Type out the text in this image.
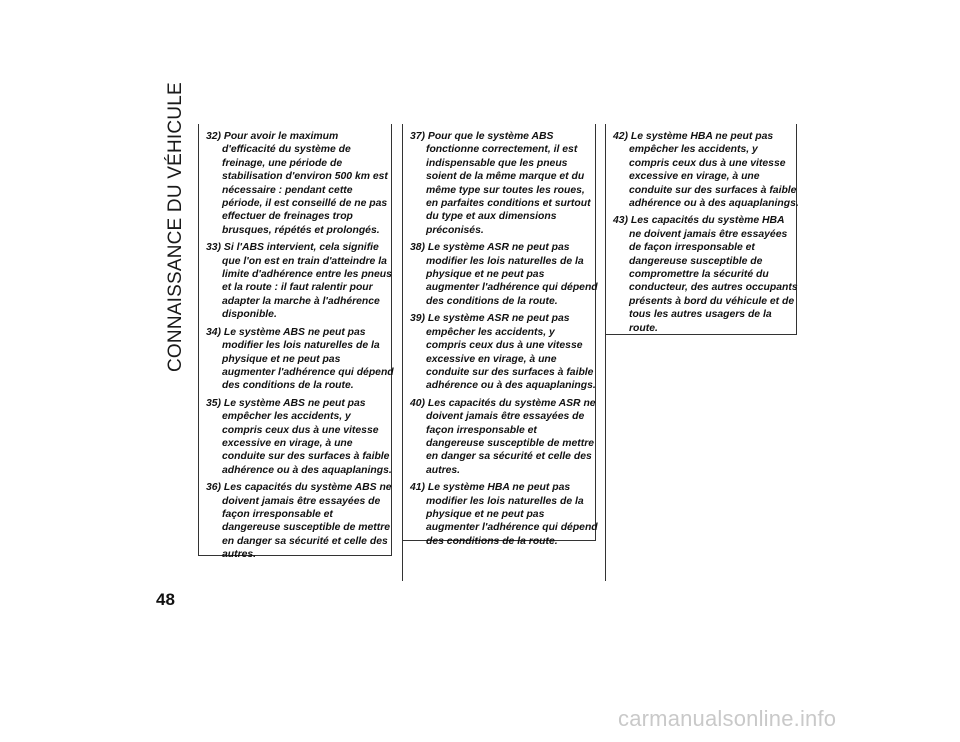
CONNAISSANCE DU VÉHICULE
48

32) Pour avoir le maximum d'efficacité du système de freinage, une période de stabilisation d'environ 500 km est nécessaire : pendant cette période, il est conseillé de ne pas effectuer de freinages trop brusques, répétés et prolongés.

33) Si l'ABS intervient, cela signifie que l'on est en train d'atteindre la limite d'adhérence entre les pneus et la route : il faut ralentir pour adapter la marche à l'adhérence disponible.

34) Le système ABS ne peut pas modifier les lois naturelles de la physique et ne peut pas augmenter l'adhérence qui dépend des conditions de la route.

35) Le système ABS ne peut pas empêcher les accidents, y compris ceux dus à une vitesse excessive en virage, à une conduite sur des surfaces à faible adhérence ou à des aquaplanings.

36) Les capacités du système ABS ne doivent jamais être essayées de façon irresponsable et dangereuse susceptible de mettre en danger sa sécurité et celle des autres.

37) Pour que le système ABS fonctionne correctement, il est indispensable que les pneus soient de la même marque et du même type sur toutes les roues, en parfaites conditions et surtout du type et aux dimensions préconisés.

38) Le système ASR ne peut pas modifier les lois naturelles de la physique et ne peut pas augmenter l'adhérence qui dépend des conditions de la route.

39) Le système ASR ne peut pas empêcher les accidents, y compris ceux dus à une vitesse excessive en virage, à une conduite sur des surfaces à faible adhérence ou à des aquaplanings.

40) Les capacités du système ASR ne doivent jamais être essayées de façon irresponsable et dangereuse susceptible de mettre en danger sa sécurité et celle des autres.

41) Le système HBA ne peut pas modifier les lois naturelles de la physique et ne peut pas augmenter l'adhérence qui dépend des conditions de la route.

42) Le système HBA ne peut pas empêcher les accidents, y compris ceux dus à une vitesse excessive en virage, à une conduite sur des surfaces à faible adhérence ou à des aquaplanings.

43) Les capacités du système HBA ne doivent jamais être essayées de façon irresponsable et dangereuse susceptible de compromettre la sécurité du conducteur, des autres occupants présents à bord du véhicule et de tous les autres usagers de la route.

carmanualsonline.info
